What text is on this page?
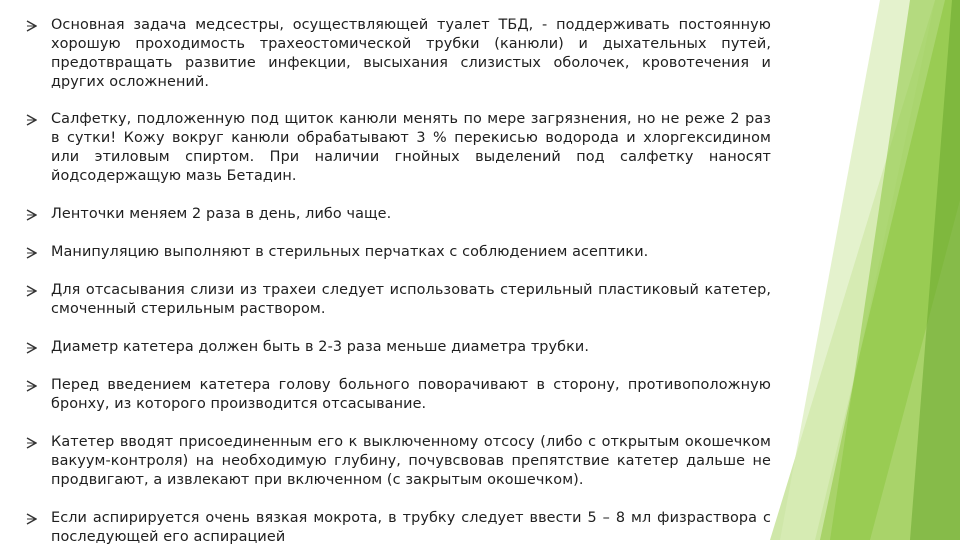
Основная задача медсестры, осуществляющей туалет ТБД, - поддерживать постоянную хорошую проходимость трахеостомической трубки (канюли) и дыхательных путей, предотвращать развитие инфекции, высыхания слизистых оболочек, кровотечения и других осложнений.
Салфетку, подложенную под щиток канюли менять по мере загрязнения, но не реже 2 раз в сутки! Кожу вокруг канюли обрабатывают 3 % перекисью водорода и хлоргексидином или этиловым спиртом. При наличии гнойных выделений под салфетку наносят йодсодержащую мазь Бетадин.
Ленточки меняем 2 раза в день, либо чаще.
Манипуляцию выполняют в стерильных перчатках с соблюдением асептики.
Для отсасывания слизи из трахеи следует использовать стерильный пластиковый катетер, смоченный стерильным раствором.
Диаметр катетера должен быть в 2-3 раза меньше диаметра трубки.
Перед введением катетера голову больного поворачивают в сторону, противоположную бронху, из которого производится отсасывание.
Катетер вводят присоединенным его к выключенному отсосу (либо с открытым окошечком вакуум-контроля) на необходимую глубину, почувсвовав препятствие катетер дальше не продвигают, а извлекают при включенном (с закрытым окошечком).
Если аспирируется очень вязкая мокрота, в трубку следует ввести 5 – 8 мл физраствора с последующей его аспирацией
